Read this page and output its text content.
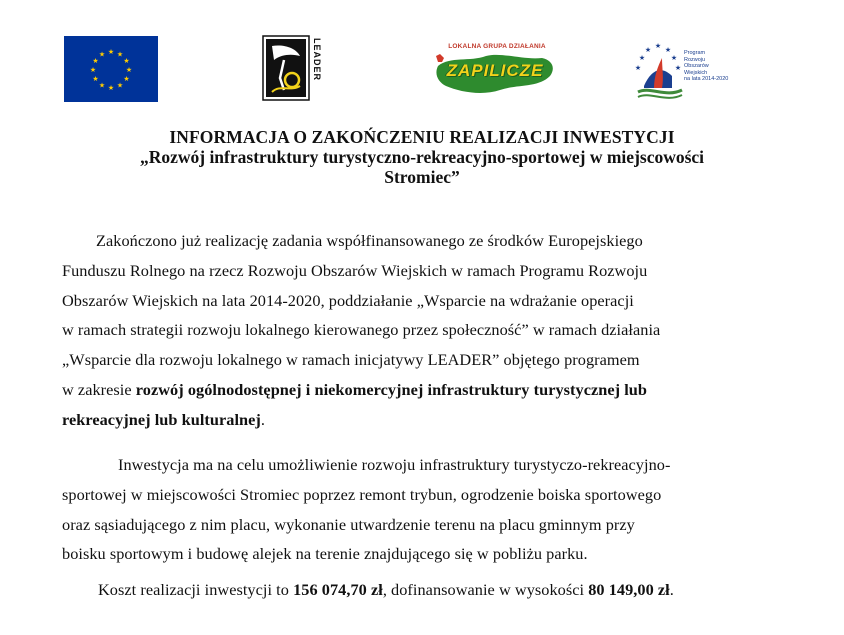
★ ★
★
★
★
★
★
★
★
★
★
★	LEADER	LOKALNA GRUPA DZIAŁANIA
ZAPILICZE
★
★ ★ ★
★
★	★
Program
Rozwoju
Obszarów
Wiejskich
na lata 2014-2020
INFORMACJA O ZAKOŃCZENIU REALIZACJI INWESTYCJI
„Rozwój infrastruktury turystyczno-rekreacyjno-sportowej w miejscowości
Stromiec”
Zakończono już realizację zadania współfinansowanego ze środków Europejskiego
Funduszu Rolnego na rzecz Rozwoju Obszarów Wiejskich w ramach Programu Rozwoju
Obszarów Wiejskich na lata 2014-2020, poddziałanie „Wsparcie na wdrażanie operacji
w ramach strategii rozwoju lokalnego kierowanego przez społeczność” w ramach działania
„Wsparcie dla rozwoju lokalnego w ramach inicjatywy LEADER” objętego programem
w zakresie rozwój ogólnodostępnej i niekomercyjnej infrastruktury turystycznej lub
rekreacyjnej lub kulturalnej.
Inwestycja ma na celu umożliwienie rozwoju infrastruktury turystyczo-rekreacyjno-
sportowej w miejscowości Stromiec poprzez remont trybun, ogrodzenie boiska sportowego
oraz sąsiadującego z nim placu, wykonanie utwardzenie terenu na placu gminnym przy
boisku sportowym i budowę alejek na terenie znajdującego się w pobliżu parku.
Koszt realizacji inwestycji to 156 074,70 zł, dofinansowanie w wysokości 80 149,00 zł.
